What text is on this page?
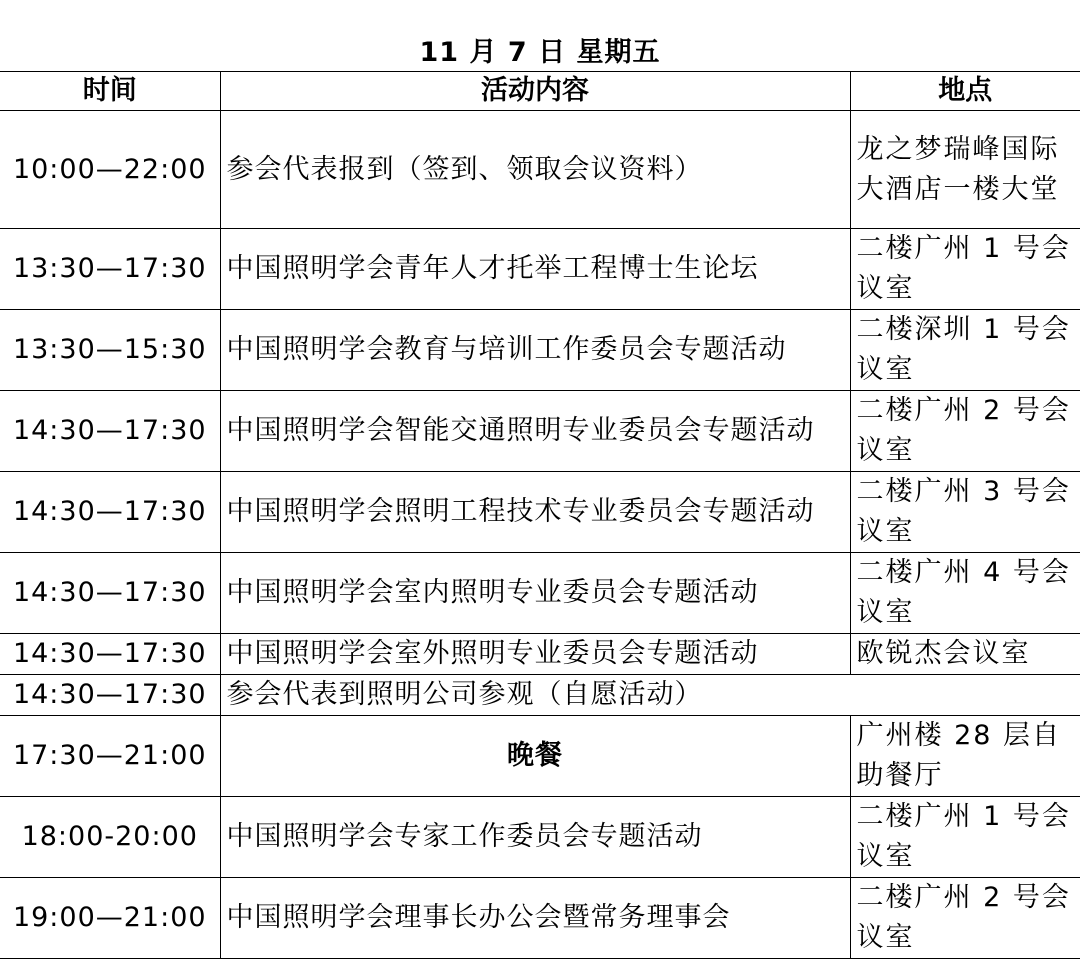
11 月 7 日 星期五
时间	活动内容	地点
10:00—22:00	参会代表报到（签到、领取会议资料）	龙之梦瑞峰国际大酒店一楼大堂
13:30—17:30	中国照明学会青年人才托举工程博士生论坛	二楼广州 1 号会议室
13:30—15:30	中国照明学会教育与培训工作委员会专题活动	二楼深圳 1 号会议室
14:30—17:30	中国照明学会智能交通照明专业委员会专题活动	二楼广州 2 号会议室
14:30—17:30	中国照明学会照明工程技术专业委员会专题活动	二楼广州 3 号会议室
14:30—17:30	中国照明学会室内照明专业委员会专题活动	二楼广州 4 号会议室
14:30—17:30	中国照明学会室外照明专业委员会专题活动	欧锐杰会议室
14:30—17:30	参会代表到照明公司参观（自愿活动）	
17:30—21:00	晚餐	广州楼 28 层自助餐厅
18:00-20:00	中国照明学会专家工作委员会专题活动	二楼广州 1 号会议室
19:00—21:00	中国照明学会理事长办公会暨常务理事会	二楼广州 2 号会议室
